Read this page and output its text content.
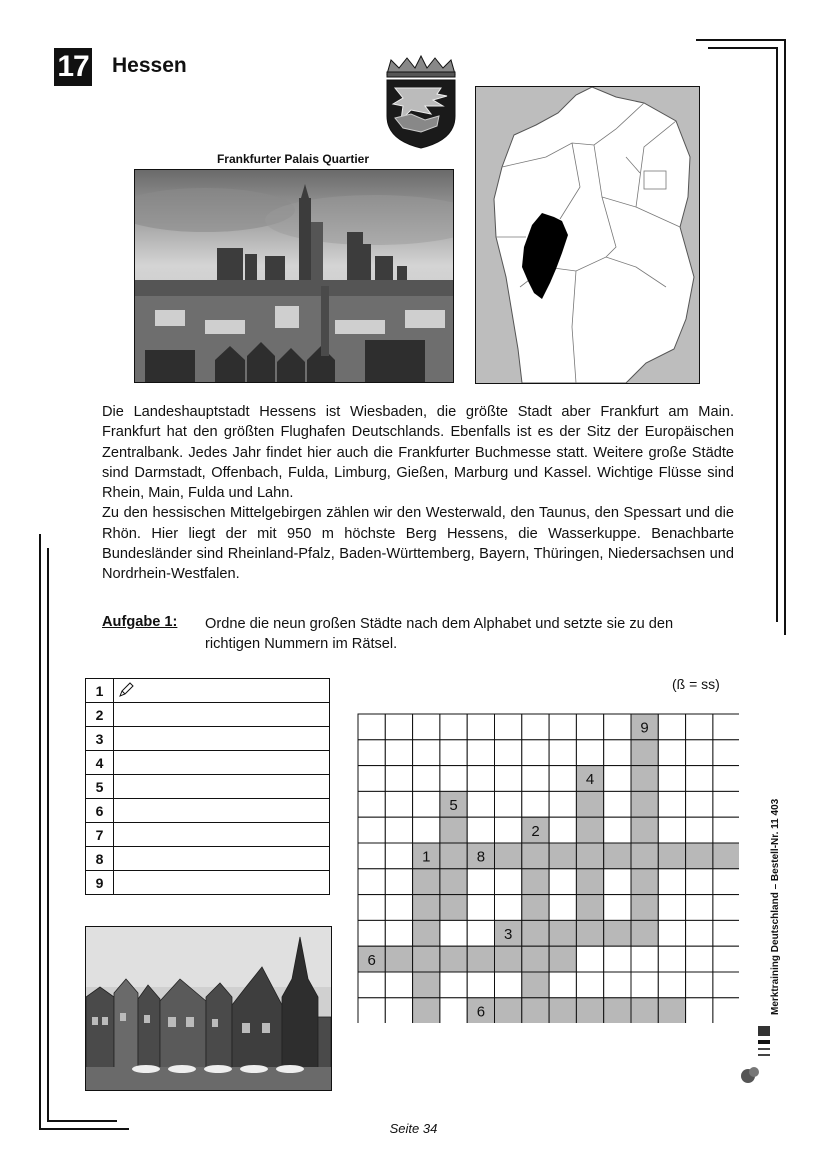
17 Hessen
Frankfurter Palais Quartier

Die Landeshauptstadt Hessens ist Wiesbaden, die größte Stadt aber Frankfurt am Main. Frankfurt hat den größten Flughafen Deutschlands. Ebenfalls ist es der Sitz der Europäischen Zentralbank. Jedes Jahr findet hier auch die Frankfurter Buchmesse statt. Weitere große Städte sind Darmstadt, Offenbach, Fulda, Limburg, Gießen, Marburg und Kassel. Wichtige Flüsse sind Rhein, Main, Fulda und Lahn.

Zu den hessischen Mittelgebirgen zählen wir den Westerwald, den Taunus, den Spessart und die Rhön. Hier liegt der mit 950 m höchste Berg Hessens, die Wasserkuppe. Benachbarte Bundesländer sind Rheinland-Pfalz, Baden-Württemberg, Bayern, Thüringen, Niedersachsen und Nordrhein-Westfalen.

Aufgabe 1: Ordne die neun großen Städte nach dem Alphabet und setzte sie zu den richtigen Nummern im Rätsel.
(ß = ss)
1	

2	
3	
4	
5	
6	
7	
8	
9	
9
4
5
2
1	8
3
6
6
Seite 34
Merktraining Deutschland – Bestell-Nr. 11 403
